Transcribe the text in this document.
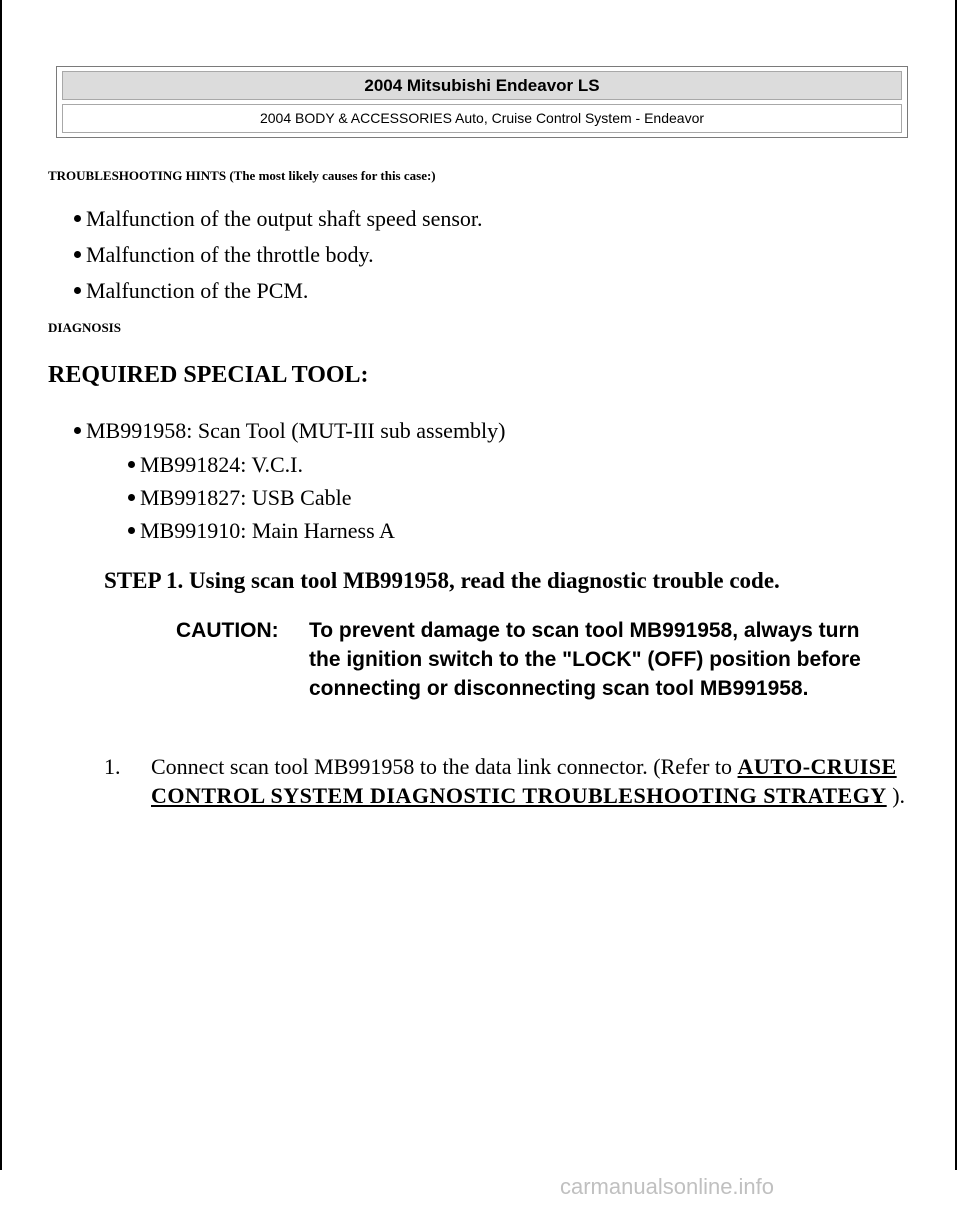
2004 Mitsubishi Endeavor LS
2004 BODY & ACCESSORIES Auto, Cruise Control System - Endeavor
TROUBLESHOOTING HINTS (The most likely causes for this case:)
Malfunction of the output shaft speed sensor.
Malfunction of the throttle body.
Malfunction of the PCM.
DIAGNOSIS
REQUIRED SPECIAL TOOL:
MB991958: Scan Tool (MUT-III sub assembly)
MB991824: V.C.I.
MB991827: USB Cable
MB991910: Main Harness A
STEP 1. Using scan tool MB991958, read the diagnostic trouble code.
CAUTION: To prevent damage to scan tool MB991958, always turn the ignition switch to the "LOCK" (OFF) position before connecting or disconnecting scan tool MB991958.
1. Connect scan tool MB991958 to the data link connector. (Refer to AUTO-CRUISE CONTROL SYSTEM DIAGNOSTIC TROUBLESHOOTING STRATEGY ).
carmanualsonline.info
